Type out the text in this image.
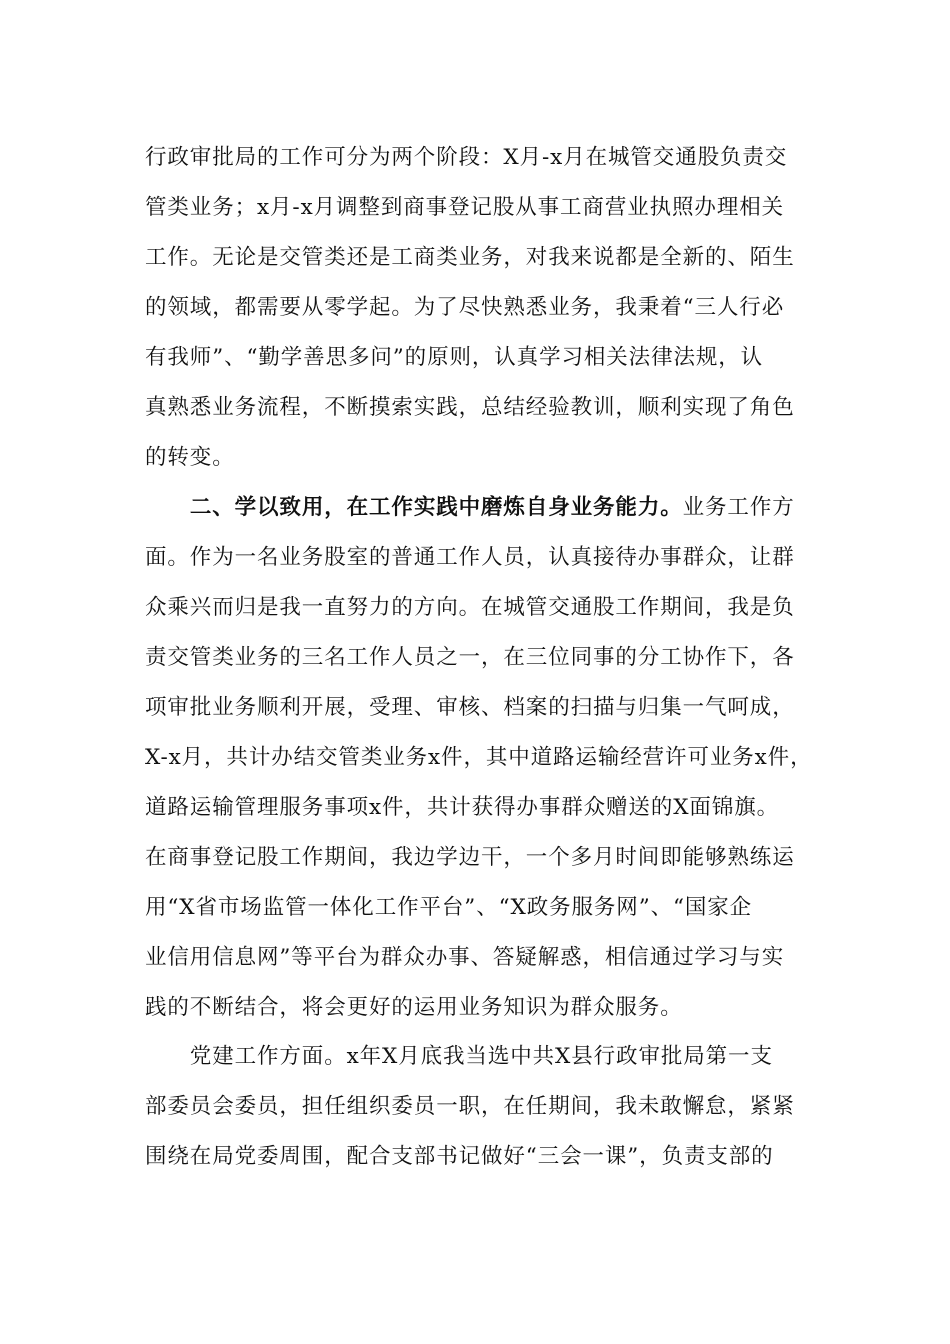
行政审批局的工作可分为两个阶段：X月-x月在城管交通股负责交
管类业务；x月-x月调整到商事登记股从事工商营业执照办理相关
工作。无论是交管类还是工商类业务，对我来说都是全新的、陌生
的领域，都需要从零学起。为了尽快熟悉业务，我秉着“三人行必
有我师”、“勤学善思多问”的原则，认真学习相关法律法规，认
真熟悉业务流程，不断摸索实践，总结经验教训，顺利实现了角色
的转变。
　　二、学以致用，在工作实践中磨炼自身业务能力。业务工作方
面。作为一名业务股室的普通工作人员，认真接待办事群众，让群
众乘兴而归是我一直努力的方向。在城管交通股工作期间，我是负
责交管类业务的三名工作人员之一，在三位同事的分工协作下，各
项审批业务顺利开展，受理、审核、档案的扫描与归集一气呵成，
X-x月，共计办结交管类业务x件，其中道路运输经营许可业务x件，
道路运输管理服务事项x件，共计获得办事群众赠送的X面锦旗。
在商事登记股工作期间，我边学边干，一个多月时间即能够熟练运
用“X省市场监管一体化工作平台”、“X政务服务网”、“国家企
业信用信息网”等平台为群众办事、答疑解惑，相信通过学习与实
践的不断结合，将会更好的运用业务知识为群众服务。
　　党建工作方面。x年X月底我当选中共X县行政审批局第一支
部委员会委员，担任组织委员一职，在任期间，我未敢懈怠，紧紧
围绕在局党委周围，配合支部书记做好“三会一课”，负责支部的
